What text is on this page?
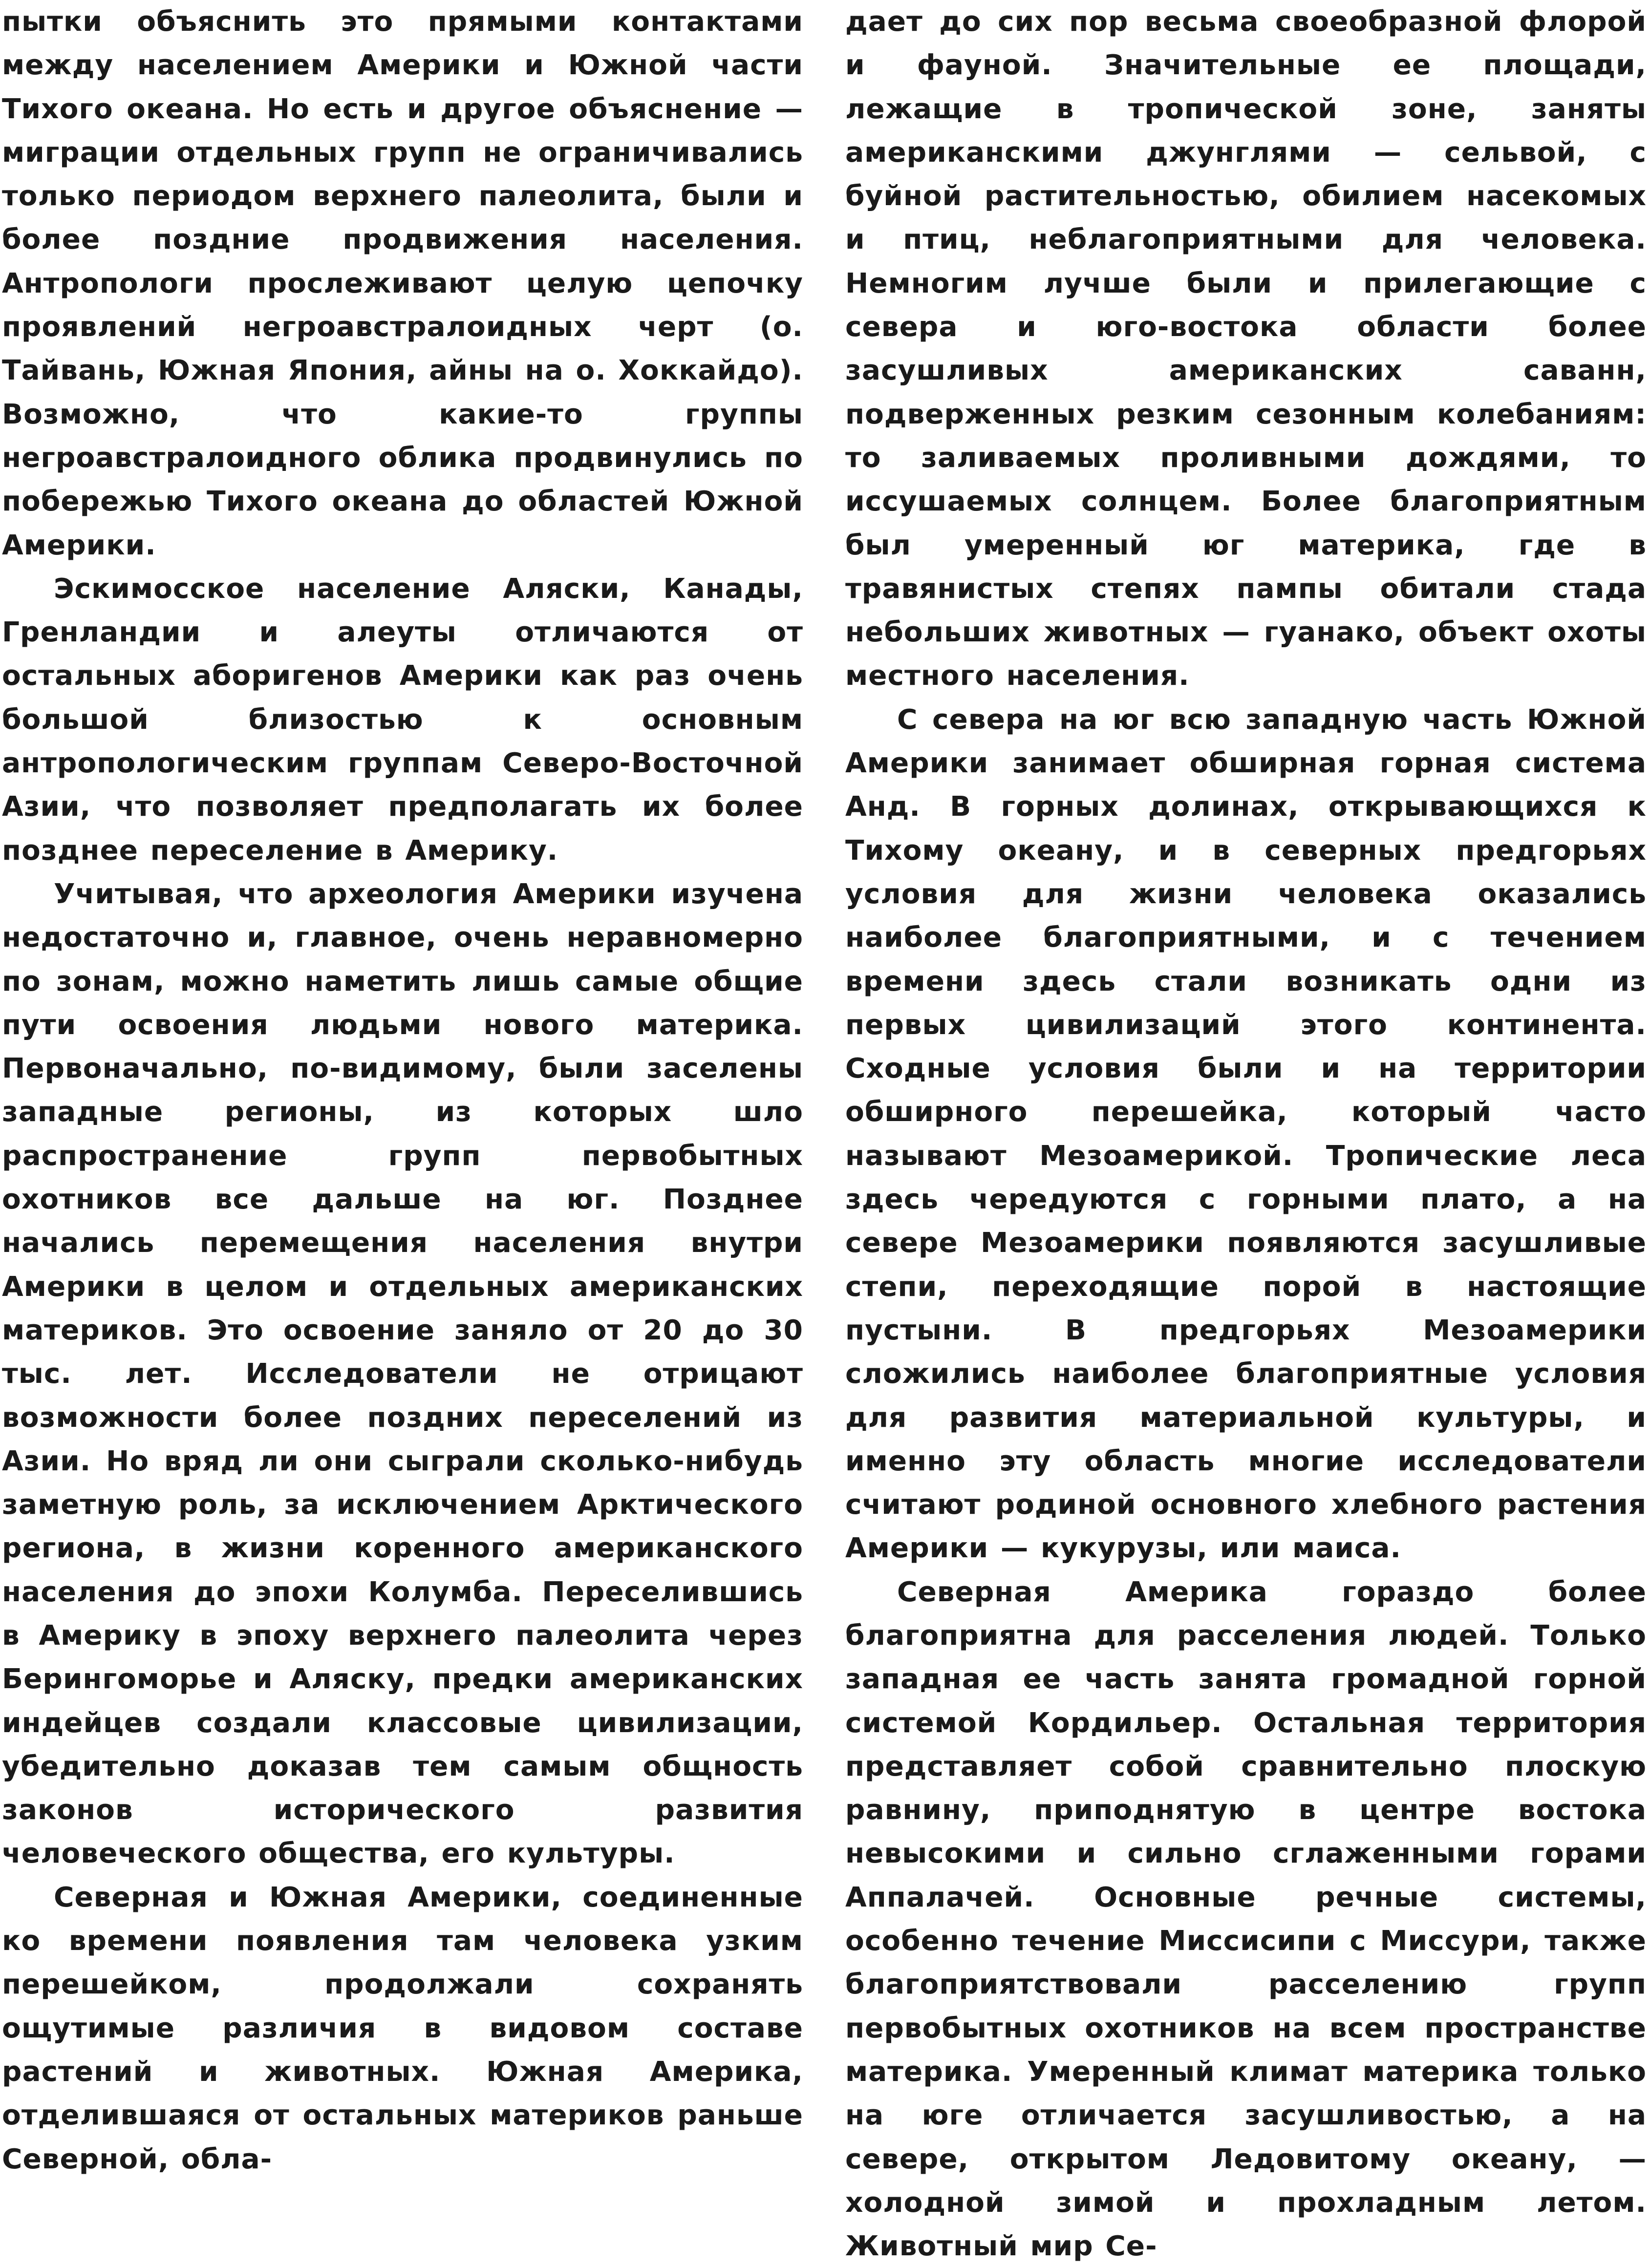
пытки объяснить это прямыми контактами между населением Америки и Южной части Тихого океана. Но есть и другое объяснение — миграции отдельных групп не ограничивались только периодом верхнего палеолита, были и более поздние продвижения населения. Антропологи прослеживают целую цепочку проявлений негроавстралоидных черт (о. Тайвань, Южная Япония, айны на о. Хоккайдо). Возможно, что какие-то группы негроавстралоидного облика продвинулись по побережью Тихого океана до областей Южной Америки.

Эскимосское население Аляски, Канады, Гренландии и алеуты отличаются от остальных аборигенов Америки как раз очень большой близостью к основным антропологическим группам Северо-Восточной Азии, что позволяет предполагать их более позднее переселение в Америку.

Учитывая, что археология Америки изучена недостаточно и, главное, очень неравномерно по зонам, можно наметить лишь самые общие пути освоения людьми нового материка. Первоначально, по-видимому, были заселены западные регионы, из которых шло распространение групп первобытных охотников все дальше на юг. Позднее начались перемещения населения внутри Америки в целом и отдельных американских материков. Это освоение заняло от 20 до 30 тыс. лет. Исследователи не отрицают возможности более поздних переселений из Азии. Но вряд ли они сыграли сколько-нибудь заметную роль, за исключением Арктического региона, в жизни коренного американского населения до эпохи Колумба. Переселившись в Америку в эпоху верхнего палеолита через Берингоморье и Аляску, предки американских индейцев создали классовые цивилизации, убедительно доказав тем самым общность законов исторического развития человеческого общества, его культуры.

Северная и Южная Америки, соединенные ко времени появления там человека узким перешейком, продолжали сохранять ощутимые различия в видовом составе растений и животных. Южная Америка, отделившаяся от остальных материков раньше Северной, обла-

дает до сих пор весьма своеобразной флорой и фауной. Значительные ее площади, лежащие в тропической зоне, заняты американскими джунглями — сельвой, с буйной растительностью, обилием насекомых и птиц, неблагоприятными для человека. Немногим лучше были и прилегающие с севера и юго-востока области более засушливых американских саванн, подверженных резким сезонным колебаниям: то заливаемых проливными дождями, то иссушаемых солнцем. Более благоприятным был умеренный юг материка, где в травянистых степях пампы обитали стада небольших животных — гуанако, объект охоты местного населения.

С севера на юг всю западную часть Южной Америки занимает обширная горная система Анд. В горных долинах, открывающихся к Тихому океану, и в северных предгорьях условия для жизни человека оказались наиболее благоприятными, и с течением времени здесь стали возникать одни из первых цивилизаций этого континента. Сходные условия были и на территории обширного перешейка, который часто называют Мезоамерикой. Тропические леса здесь чередуются с горными плато, а на севере Мезоамерики появляются засушливые степи, переходящие порой в настоящие пустыни. В предгорьях Мезоамерики сложились наиболее благоприятные условия для развития материальной культуры, и именно эту область многие исследователи считают родиной основного хлебного растения Америки — кукурузы, или маиса.

Северная Америка гораздо более благоприятна для расселения людей. Только западная ее часть занята громадной горной системой Кордильер. Остальная территория представляет собой сравнительно плоскую равнину, приподнятую в центре востока невысокими и сильно сглаженными горами Аппалачей. Основные речные системы, особенно течение Миссисипи с Миссури, также благоприятствовали расселению групп первобытных охотников на всем пространстве материка. Умеренный климат материка только на юге отличается засушливостью, а на севере, открытом Ледовитому океану, — холодной зимой и прохладным летом. Животный мир Се-
